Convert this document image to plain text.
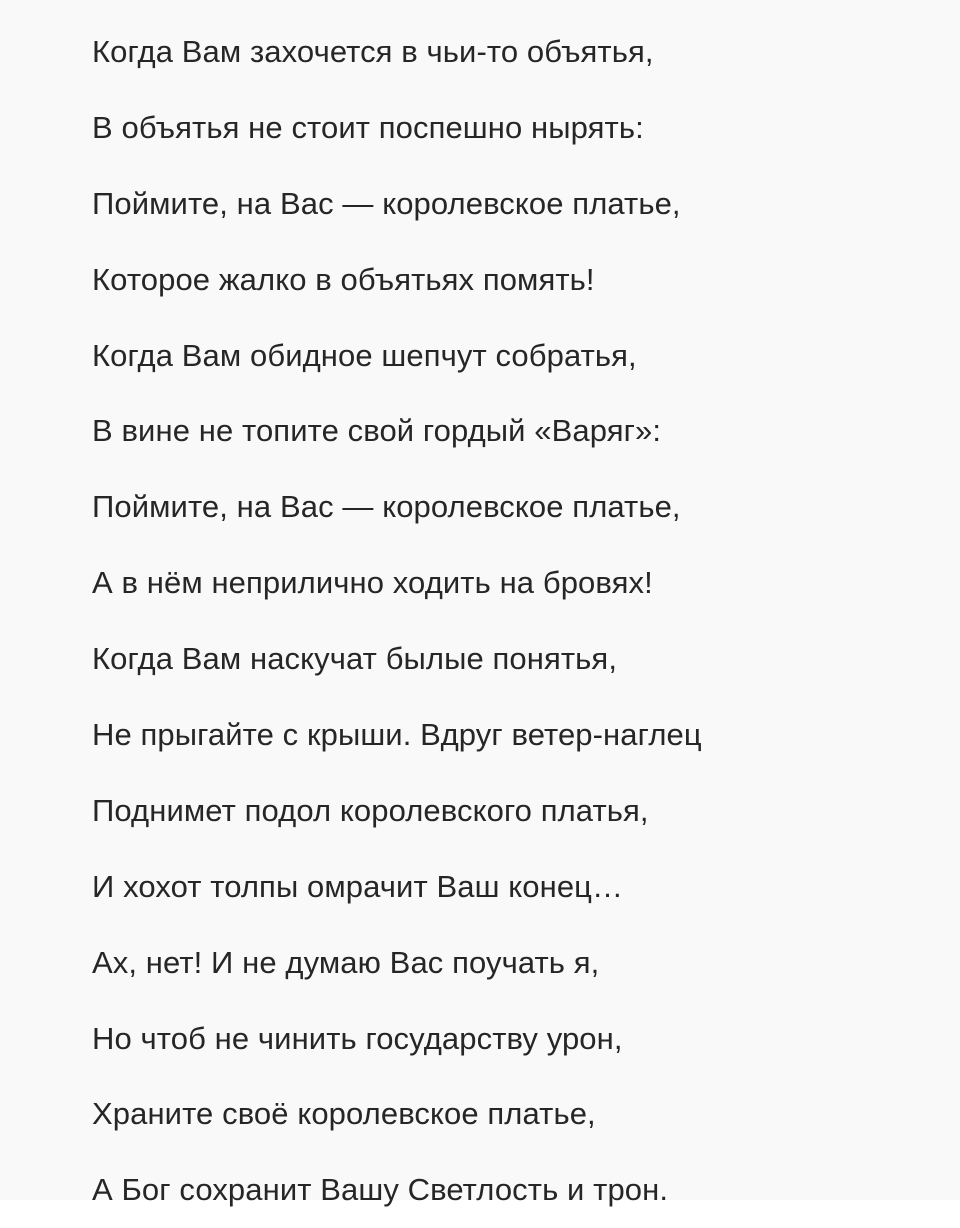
Когда Вам захочется в чьи-то объятья,
В объятья не стоит поспешно нырять:
Поймите, на Вас — королевское платье,
Которое жалко в объятьях помять!
Когда Вам обидное шепчут собратья,
В вине не топите свой гордый «Варяг»:
Поймите, на Вас — королевское платье,
А в нём неприлично ходить на бровях!
Когда Вам наскучат былые понятья,
Не прыгайте с крыши. Вдруг ветер-наглец
Поднимет подол королевского платья,
И хохот толпы омрачит Ваш конец…
Ах, нет! И не думаю Вас поучать я,
Но чтоб не чинить государству урон,
Храните своё королевское платье,
А Бог сохранит Вашу Светлость и трон.
